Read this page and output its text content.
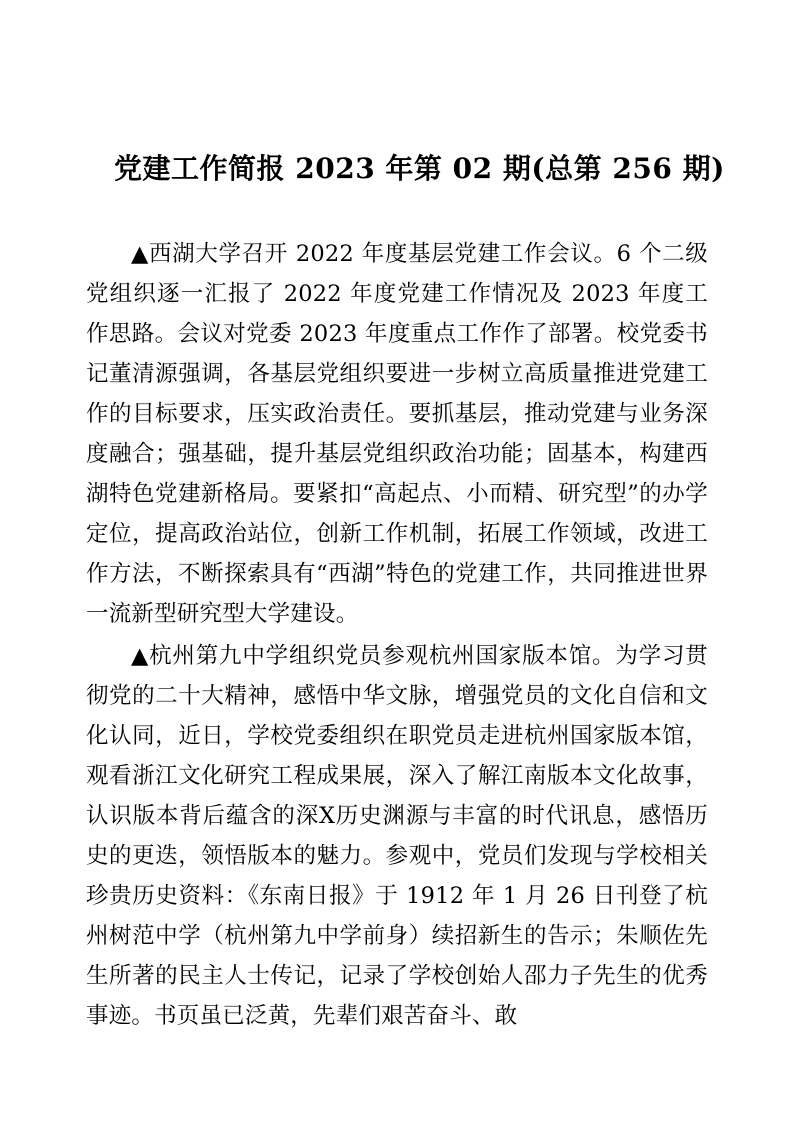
党建工作简报 2023 年第 02 期(总第 256 期)

▲西湖大学召开 2022 年度基层党建工作会议。6 个二级党组织逐一汇报了 2022 年度党建工作情况及 2023 年度工作思路。会议对党委 2023 年度重点工作作了部署。校党委书记董清源强调，各基层党组织要进一步树立高质量推进党建工作的目标要求，压实政治责任。要抓基层，推动党建与业务深度融合；强基础，提升基层党组织政治功能；固基本，构建西湖特色党建新格局。要紧扣“高起点、小而精、研究型”的办学定位，提高政治站位，创新工作机制，拓展工作领域，改进工作方法，不断探索具有“西湖”特色的党建工作，共同推进世界一流新型研究型大学建设。

▲杭州第九中学组织党员参观杭州国家版本馆。为学习贯彻党的二十大精神，感悟中华文脉，增强党员的文化自信和文化认同，近日，学校党委组织在职党员走进杭州国家版本馆，观看浙江文化研究工程成果展，深入了解江南版本文化故事，认识版本背后蕴含的深X历史渊源与丰富的时代讯息，感悟历史的更迭，领悟版本的魅力。参观中，党员们发现与学校相关珍贵历史资料：《东南日报》于 1912 年 1 月 26 日刊登了杭州树范中学（杭州第九中学前身）续招新生的告示；朱顺佐先生所著的民主人士传记，记录了学校创始人邵力子先生的优秀事迹。书页虽已泛黄，先辈们艰苦奋斗、敢
